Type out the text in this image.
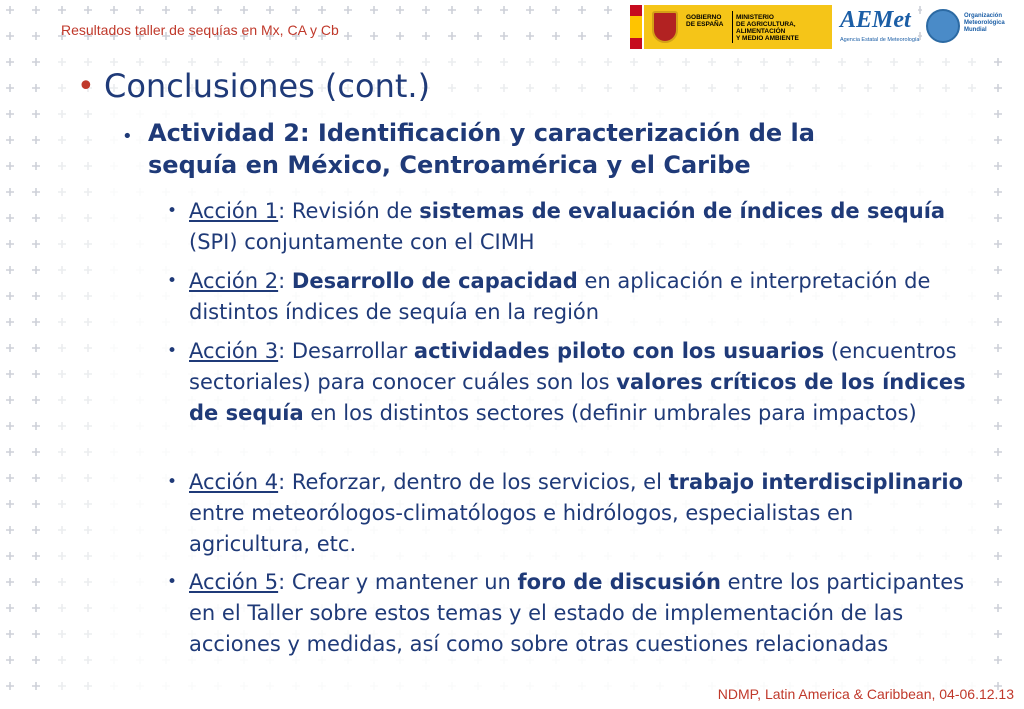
Resultados taller de sequías en Mx, CA y Cb
GOBIERNO
DE ESPAÑA
MINISTERIO
DE AGRICULTURA, ALIMENTACIÓN
Y MEDIO AMBIENTE
AEMet
Agencia Estatal de Meteorología
Organización
Meteorológica
Mundial
• Conclusiones (cont.)
• Actividad 2: Identificación y caracterización de la sequía en México, Centroamérica y el Caribe
• Acción 1: Revisión de sistemas de evaluación de índices de sequía (SPI) conjuntamente con el CIMH
• Acción 2: Desarrollo de capacidad en aplicación e interpretación de distintos índices de sequía en la región
• Acción 3: Desarrollar actividades piloto con los usuarios (encuentros sectoriales) para conocer cuáles son los valores críticos de los índices de sequía en los distintos sectores (definir umbrales para impactos)
• Acción 4: Reforzar, dentro de los servicios, el trabajo interdisciplinario entre meteorólogos-climatólogos e hidrólogos, especialistas en agricultura, etc.
• Acción 5: Crear y mantener un foro de discusión entre los participantes en el Taller sobre estos temas y el estado de implementación de las acciones y medidas, así como sobre otras cuestiones relacionadas
NDMP, Latin America & Caribbean, 04-06.12.13
